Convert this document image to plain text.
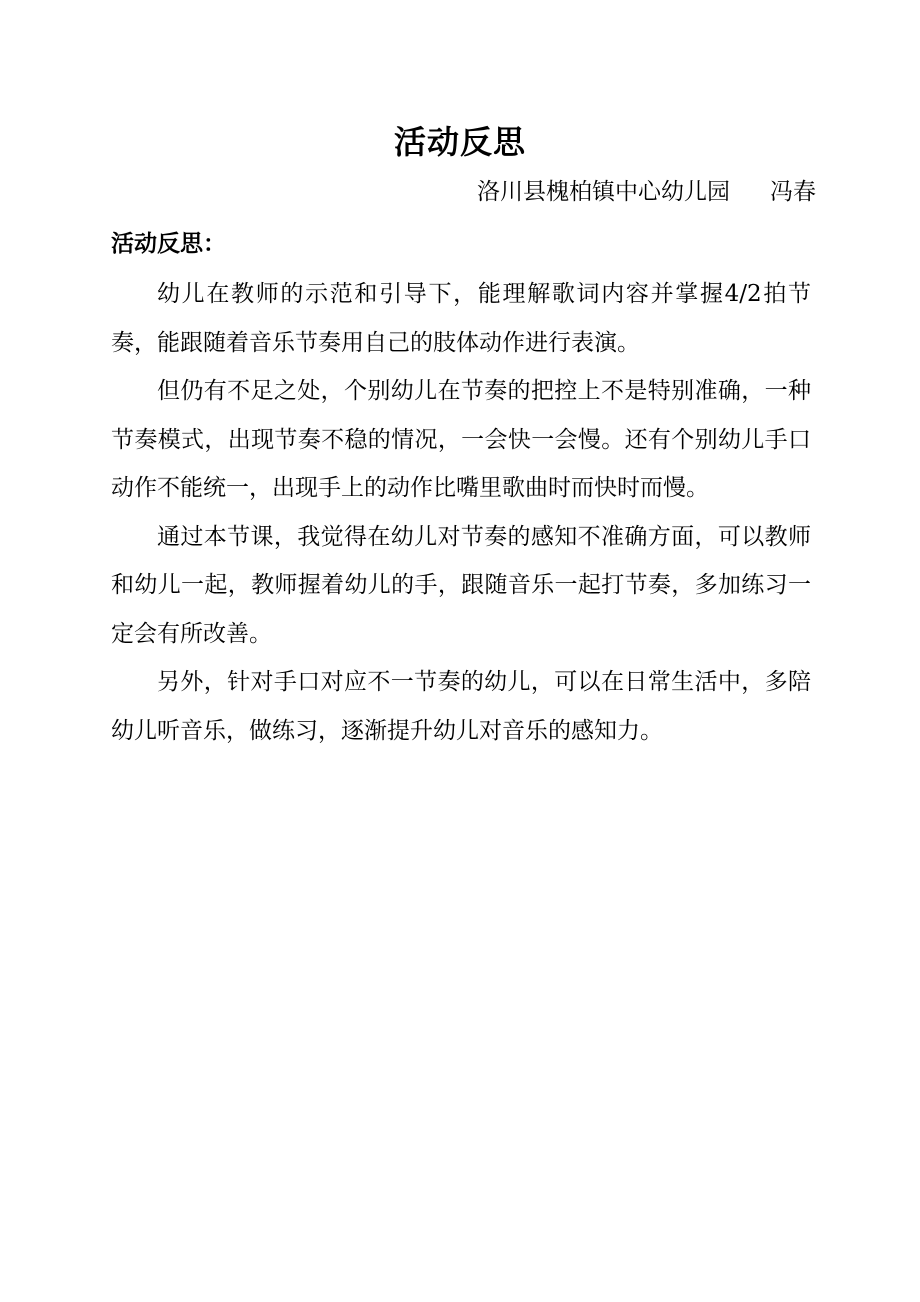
活动反思
洛川县槐柏镇中心幼儿园 冯春
活动反思：

幼儿在教师的示范和引导下，能理解歌词内容并掌握4/2拍节奏，能跟随着音乐节奏用自己的肢体动作进行表演。

但仍有不足之处，个别幼儿在节奏的把控上不是特别准确，一种节奏模式，出现节奏不稳的情况，一会快一会慢。还有个别幼儿手口动作不能统一，出现手上的动作比嘴里歌曲时而快时而慢。

通过本节课，我觉得在幼儿对节奏的感知不准确方面，可以教师和幼儿一起，教师握着幼儿的手，跟随音乐一起打节奏，多加练习一定会有所改善。

另外，针对手口对应不一节奏的幼儿，可以在日常生活中，多陪幼儿听音乐，做练习，逐渐提升幼儿对音乐的感知力。
